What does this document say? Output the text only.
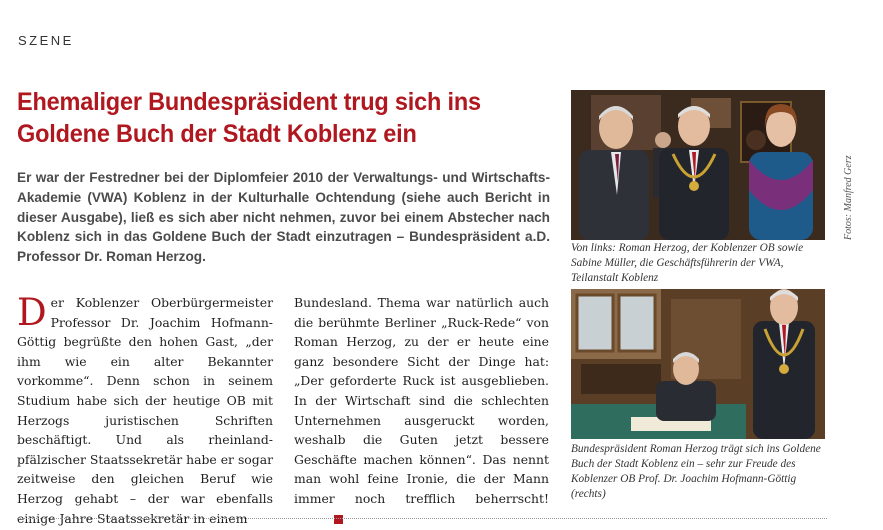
SZENE
Ehemaliger Bundespräsident trug sich ins Goldene Buch der Stadt Koblenz ein

Er war der Festredner bei der Diplomfeier 2010 der Verwaltungs- und Wirtschafts-Akademie (VWA) Koblenz in der Kulturhalle Ochtendung (siehe auch Bericht in dieser Ausgabe), ließ es sich aber nicht nehmen, zuvor bei einem Abstecher nach Koblenz sich in das Goldene Buch der Stadt einzutragen – Bundespräsident a.D. Professor Dr. Roman Herzog.

Der Koblenzer Oberbürgermeister Professor Dr. Joachim Hofmann-Göttig begrüßte den hohen Gast, „der ihm wie ein alter Bekannter vorkomme“. Denn schon in seinem Studium habe sich der heutige OB mit Herzogs juristischen Schriften beschäftigt. Und als rheinland-pfälzischer Staatssekretär habe er sogar zeitweise den gleichen Beruf wie Herzog gehabt – der war ebenfalls einige Jahre Staatssekretär in einem
Bundesland. Thema war natürlich auch die berühmte Berliner „Ruck-Rede“ von Roman Herzog, zu der er heute eine ganz besondere Sicht der Dinge hat: „Der geforderte Ruck ist ausgeblieben. In der Wirtschaft sind die schlechten Unternehmen ausgeruckt worden, weshalb die Guten jetzt bessere Geschäfte machen können“. Das nennt man wohl feine Ironie, die der Mann immer noch trefflich beherrscht!
Fotos: Manfred Gerz

Von links: Roman Herzog, der Koblenzer OB sowie Sabine Müller, die Geschäftsführerin der VWA, Teilanstalt Koblenz

Bundespräsident Roman Herzog trägt sich ins Goldene Buch der Stadt Koblenz ein – sehr zur Freude des Koblenzer OB Prof. Dr. Joachim Hofmann-Göttig (rechts)
